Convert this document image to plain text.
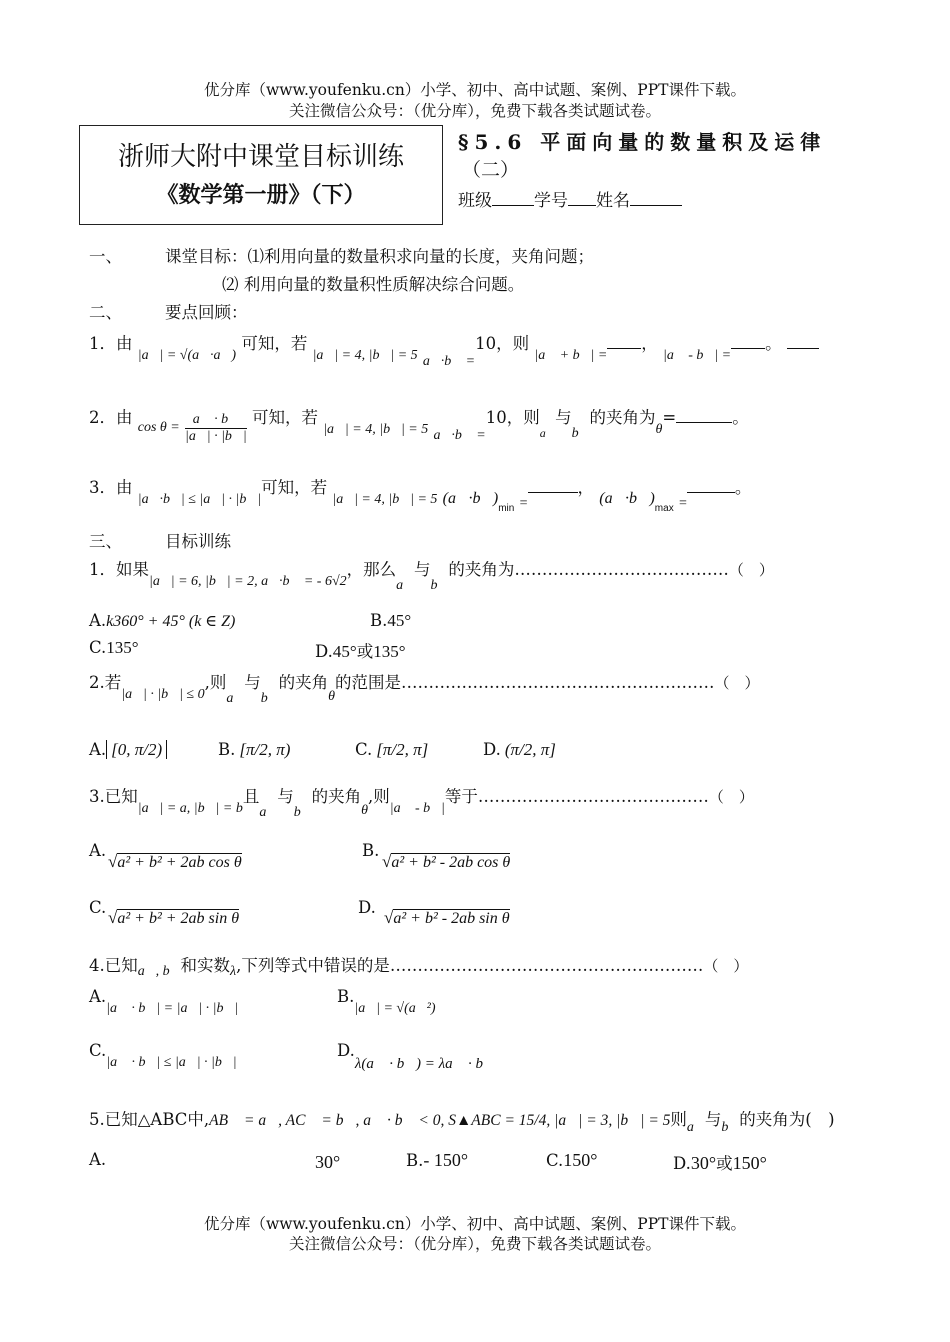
优分库（www.youfenku.cn）小学、初中、高中试题、案例、PPT课件下载。
关注微信公众号：（优分库），免费下载各类试题试卷。
浙师大附中课堂目标训练
《数学第一册》（下）
§5.6 平面向量的数量积及运律
（二）
班级 学号 姓名
一、	课堂目标：⑴利用向量的数量积求向量的长度，夹角问题；
⑵ 利用向量的数量积性质解决综合问题。
二、	要点回顾：
1．由 $_{|a⃗| = √(a⃗\cdot a⃗)}$ 可知，若 $_{|a⃗| = 4, |b⃗| = 5}$ $_{a⃗\cdot b⃗ =}$10，则 $_{|a⃗ + b⃗| =}$， $_{|a⃗ - b⃗| =}$。
2．由 $_{cos \theta =} \frac{a⃗ \cdot b⃗}{|a⃗| \cdot |b⃗|}$ 可知，若 $_{|a⃗| = 4, |b⃗| = 5}$ $_{a⃗\cdot b⃗ =}$10，则$_{a⃗}$与$_{b⃗}$的夹角为$_\theta$=	。
3．由 $_{|a⃗\cdot b⃗| \le |a⃗| \cdot |b⃗|}$可知，若 $_{|a⃗| = 4, |b⃗| = 5}$ $(a⃗\cdot b⃗)_{min}$ $_=$， $(a⃗\cdot b⃗)_{max}$ $_=$。
三、	目标训练
1．如果$_{|a⃗| = 6, |b⃗| = 2, a⃗\cdot b⃗ = - 6√2}$，那么$_{a⃗}$与$_{b⃗}$的夹角为…………………………………（　）
A.k360° + 45° (k ∈ Z)	B.45°
C.135°	D.45°或135°
2.若$_{|a⃗| \cdot |b⃗| \le 0}$,则$_{a⃗}$与$_{b⃗}$的夹角$_\theta$的范围是…………………………………………………（　）
A. [0, π/2)	B. [π/2, π)	C. [π/2, π]	D. (π/2, π]
3.已知$_{|a⃗| = a, |b⃗| = b}$且$_{a⃗}$与$_{b⃗}$的夹角$_\theta$,则$_{|a⃗ - b⃗|}$等于……………………………………（　）
A.
√a² + b² + 2ab cos θ
B.
√a² + b² - 2ab cos θ
C.
√a² + b² + 2ab sin θ
D.
√a² + b² - 2ab sin θ
4.已知$_{a⃗, b⃗}$和实数$_\lambda$,下列等式中错误的是…………………………………………………（　）
$A._{|a⃗ \cdot b⃗| = |a⃗| \cdot |b⃗|}$
$B._{|a⃗| = √(a⃗^2)}$
$C._{|a⃗ \cdot b⃗| \le |a⃗| \cdot |b⃗|}$
D.λ(a⃗ · b⃗) = λa⃗ · b⃗
5.已知△ABC中,AB⃗ = a⃗, AC⃗ = b⃗, a⃗ · b⃗ < 0, S▲ABC = 15/4, |a⃗| = 3, |b⃗| = 5则$_{a⃗}$与$_{b⃗}$的夹角为(　)
A.	30°	B.- 150°	C.150°	D.30°或150°
优分库（www.youfenku.cn）小学、初中、高中试题、案例、PPT课件下载。
关注微信公众号：（优分库），免费下载各类试题试卷。
